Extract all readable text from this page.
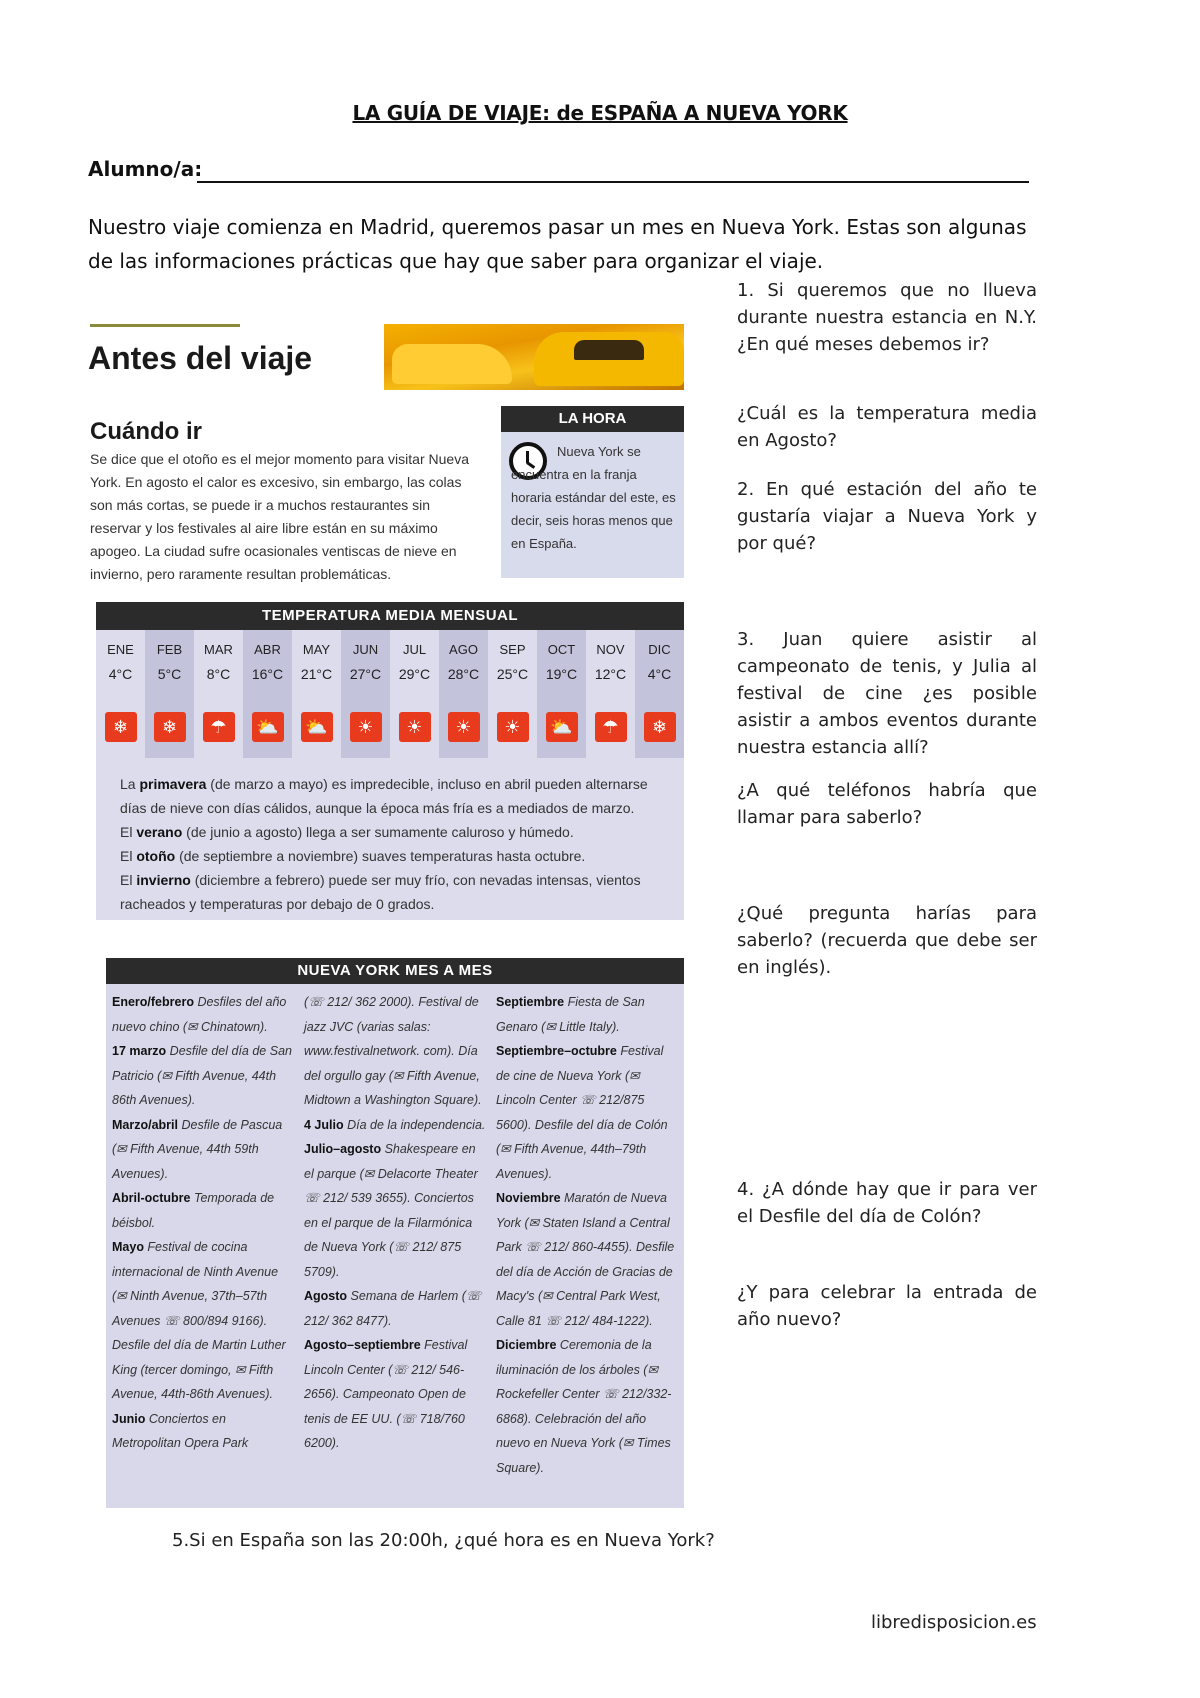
LA GUÍA DE VIAJE: de ESPAÑA A NUEVA YORK
Alumno/a:
Nuestro viaje comienza en Madrid, queremos pasar un mes en Nueva York. Estas son algunas de las informaciones prácticas que hay que saber para organizar el viaje.
Antes del viaje
Cuándo ir
Se dice que el otoño es el mejor momento para visitar Nueva York. En agosto el calor es excesivo, sin embargo, las colas son más cortas, se puede ir a muchos restaurantes sin reservar y los festivales al aire libre están en su máximo apogeo. La ciudad sufre ocasionales ventiscas de nieve en invierno, pero raramente resultan problemáticas.
LA HORA
Nueva York se encuentra en la franja horaria estándar del este, es decir, seis horas menos que en España.
TEMPERATURA MEDIA MENSUAL
ENE
4°C
❄
FEB
5°C
❄
MAR
8°C
☂
ABR
16°C
⛅
MAY
21°C
⛅
JUN
27°C
☀
JUL
29°C
☀
AGO
28°C
☀
SEP
25°C
☀
OCT
19°C
⛅
NOV
12°C
☂
DIC
4°C
❄
La primavera (de marzo a mayo) es impredecible, incluso en abril pueden alternarse días de nieve con días cálidos, aunque la época más fría es a mediados de marzo.
El verano (de junio a agosto) llega a ser sumamente caluroso y húmedo.
El otoño (de septiembre a noviembre) suaves temperaturas hasta octubre.
El invierno (diciembre a febrero) puede ser muy frío, con nevadas intensas, vientos racheados y temperaturas por debajo de 0 grados.
NUEVA YORK MES A MES
Enero/febrero Desfiles del año nuevo chino (✉ Chinatown).
17 marzo Desfile del día de San Patricio (✉ Fifth Avenue, 44th 86th Avenues).
Marzo/abril Desfile de Pascua (✉ Fifth Avenue, 44th 59th Avenues).
Abril-octubre Temporada de béisbol.
Mayo Festival de cocina internacional de Ninth Avenue (✉ Ninth Avenue, 37th–57th Avenues ☏ 800/894 9166). Desfile del día de Martin Luther King (tercer domingo, ✉ Fifth Avenue, 44th-86th Avenues).
Junio Conciertos en Metropolitan Opera Park
(☏ 212/ 362 2000). Festival de jazz JVC (varias salas: www.festivalnetwork. com). Día del orgullo gay (✉ Fifth Avenue, Midtown a Washington Square).
4 Julio Día de la independencia.
Julio–agosto Shakespeare en el parque (✉ Delacorte Theater ☏ 212/ 539 3655). Conciertos en el parque de la Filarmónica de Nueva York (☏ 212/ 875 5709).
Agosto Semana de Harlem (☏ 212/ 362 8477).
Agosto–septiembre Festival Lincoln Center (☏ 212/ 546-2656). Campeonato Open de tenis de EE UU. (☏ 718/760 6200).
Septiembre Fiesta de San Genaro (✉ Little Italy).
Septiembre–octubre Festival de cine de Nueva York (✉ Lincoln Center ☏ 212/875 5600). Desfile del día de Colón (✉ Fifth Avenue, 44th–79th Avenues).
Noviembre Maratón de Nueva York (✉ Staten Island a Central Park ☏ 212/ 860-4455). Desfile del día de Acción de Gracias de Macy's (✉ Central Park West, Calle 81 ☏ 212/ 484-1222).
Diciembre Ceremonia de la iluminación de los árboles (✉ Rockefeller Center ☏ 212/332-6868). Celebración del año nuevo en Nueva York (✉ Times Square).
1. Si queremos que no llueva durante nuestra estancia en N.Y. ¿En qué meses debemos ir?
¿Cuál es la temperatura media en Agosto?
2. En qué estación del año te gustaría viajar a Nueva York y por qué?
3. Juan quiere asistir al campeonato de tenis, y Julia al festival de cine ¿es posible asistir a ambos eventos durante nuestra estancia allí?
¿A qué teléfonos habría que llamar para saberlo?
¿Qué pregunta harías para saberlo? (recuerda que debe ser en inglés).
4. ¿A dónde hay que ir para ver el Desfile del día de Colón?
¿Y para celebrar la entrada de año nuevo?
5.Si en España son las 20:00h, ¿qué hora es en Nueva York?
libredisposicion.es
